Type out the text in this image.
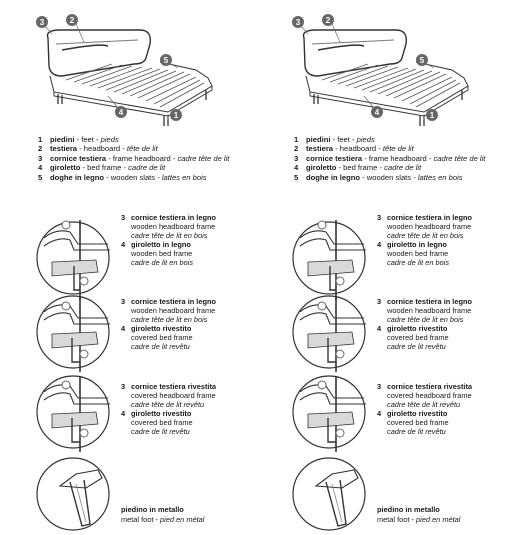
3	2
5
4	1
1 piedini - feet - pieds
2 testiera - headboard - tête de lit
3 cornice testiera - frame headboard - cadre tête de lit
4 giroletto - bed frame - cadre de lit
5 doghe in legno - wooden slats - lattes en bois
3 cornice testiera in legno
wooden headboard frame
cadre tête de lit en bois
4 giroletto in legno
wooden bed frame
cadre de lit en bois
3 cornice testiera in legno
wooden headboard frame
cadre tête de lit en bois
4 giroletto rivestito
covered bed frame
cadre de lit revêtu
3 cornice testiera rivestita
covered headboard frame
cadre tête de lit revêtu
4 giroletto rivestito
covered bed frame
cadre de lit revêtu
piedino in metallo
metal foot - pied en métal
3	2
5
4	1
1 piedini - feet - pieds
2 testiera - headboard - tête de lit
3 cornice testiera - frame headboard - cadre tête de lit
4 giroletto - bed frame - cadre de lit
5 doghe in legno - wooden slats - lattes en bois
3 cornice testiera in legno
wooden headboard frame
cadre tête de lit en bois
4 giroletto in legno
wooden bed frame
cadre de lit en bois
3 cornice testiera in legno
wooden headboard frame
cadre tête de lit en bois
4 giroletto rivestito
covered bed frame
cadre de lit revêtu
3 cornice testiera rivestita
covered headboard frame
cadre tête de lit revêtu
4 giroletto rivestito
covered bed frame
cadre de lit revêtu
piedino in metallo
metal foot - pied en métal
